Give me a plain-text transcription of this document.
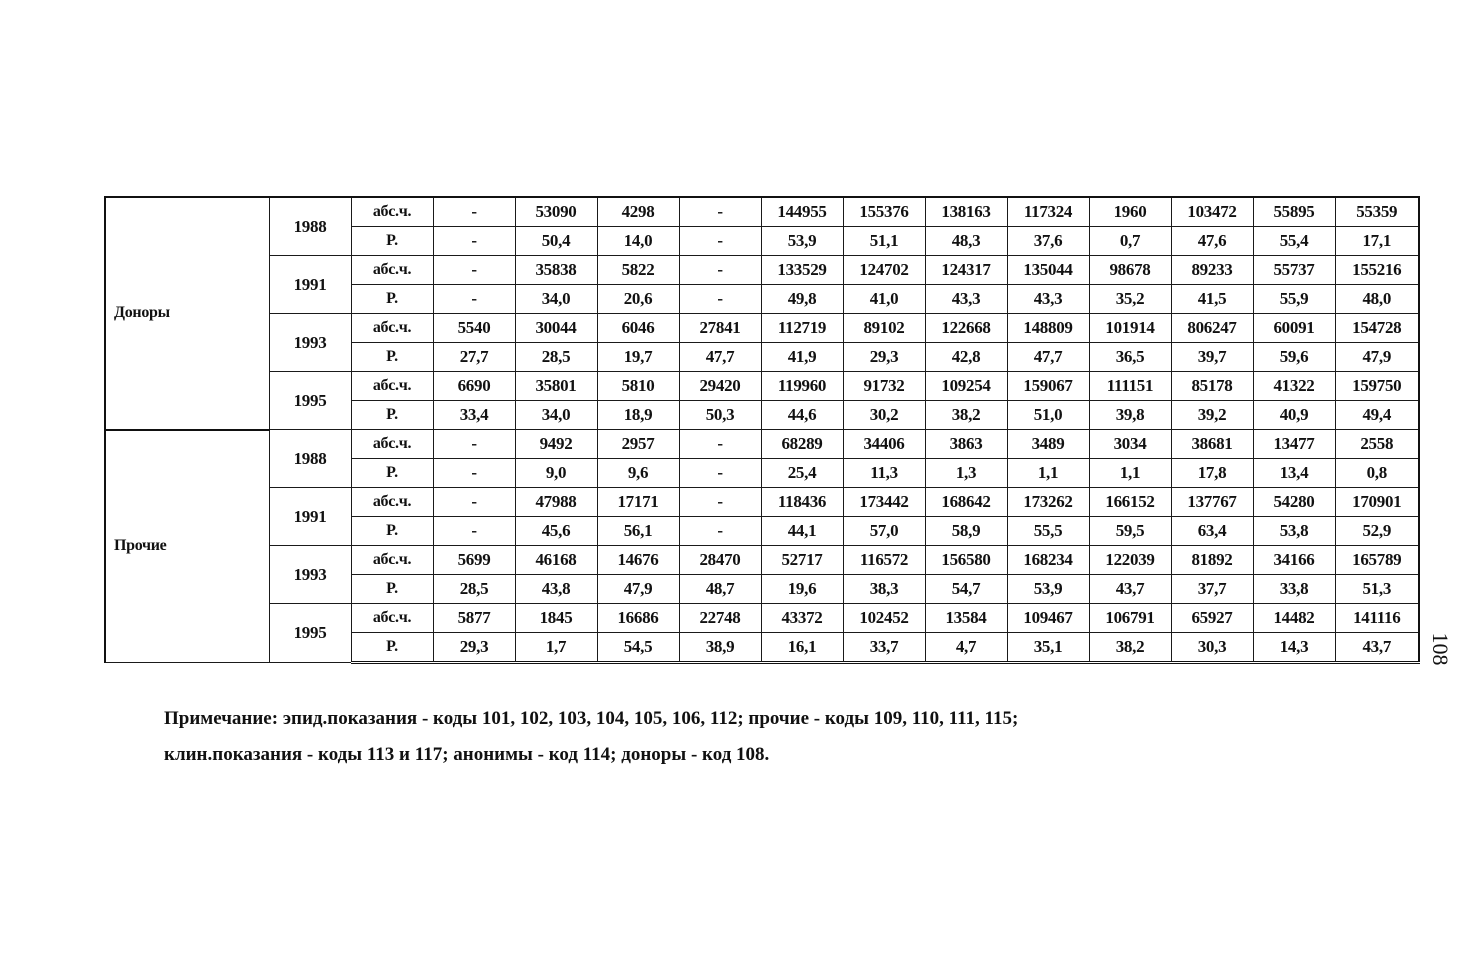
Доноры	1988	абс.ч.	-	53090	4298	-	144955	155376	138163	117324	1960	103472	55895	55359
		P.	-	50,4	14,0	-	53,9	51,1	48,3	37,6	0,7	47,6	55,4	17,1
	1991	абс.ч.	-	35838	5822	-	133529	124702	124317	135044	98678	89233	55737	155216
		P.	-	34,0	20,6	-	49,8	41,0	43,3	43,3	35,2	41,5	55,9	48,0
	1993	абс.ч.	5540	30044	6046	27841	112719	89102	122668	148809	101914	806247	60091	154728
		P.	27,7	28,5	19,7	47,7	41,9	29,3	42,8	47,7	36,5	39,7	59,6	47,9
	1995	абс.ч.	6690	35801	5810	29420	119960	91732	109254	159067	111151	85178	41322	159750
		P.	33,4	34,0	18,9	50,3	44,6	30,2	38,2	51,0	39,8	39,2	40,9	49,4
Прочие	1988	абс.ч.	-	9492	2957	-	68289	34406	3863	3489	3034	38681	13477	2558
		P.	-	9,0	9,6	-	25,4	11,3	1,3	1,1	1,1	17,8	13,4	0,8
	1991	абс.ч.	-	47988	17171	-	118436	173442	168642	173262	166152	137767	54280	170901
		P.	-	45,6	56,1	-	44,1	57,0	58,9	55,5	59,5	63,4	53,8	52,9
	1993	абс.ч.	5699	46168	14676	28470	52717	116572	156580	168234	122039	81892	34166	165789
		P.	28,5	43,8	47,9	48,7	19,6	38,3	54,7	53,9	43,7	37,7	33,8	51,3
	1995	абс.ч.	5877	1845	16686	22748	43372	102452	13584	109467	106791	65927	14482	141116
		P.	29,3	1,7	54,5	38,9	16,1	33,7	4,7	35,1	38,2	30,3	14,3	43,7 108
Примечание: эпид.показания - коды 101, 102, 103, 104, 105, 106, 112; прочие - коды 109, 110, 111, 115;
клин.показания - коды 113 и 117; анонимы - код 114; доноры - код 108.
